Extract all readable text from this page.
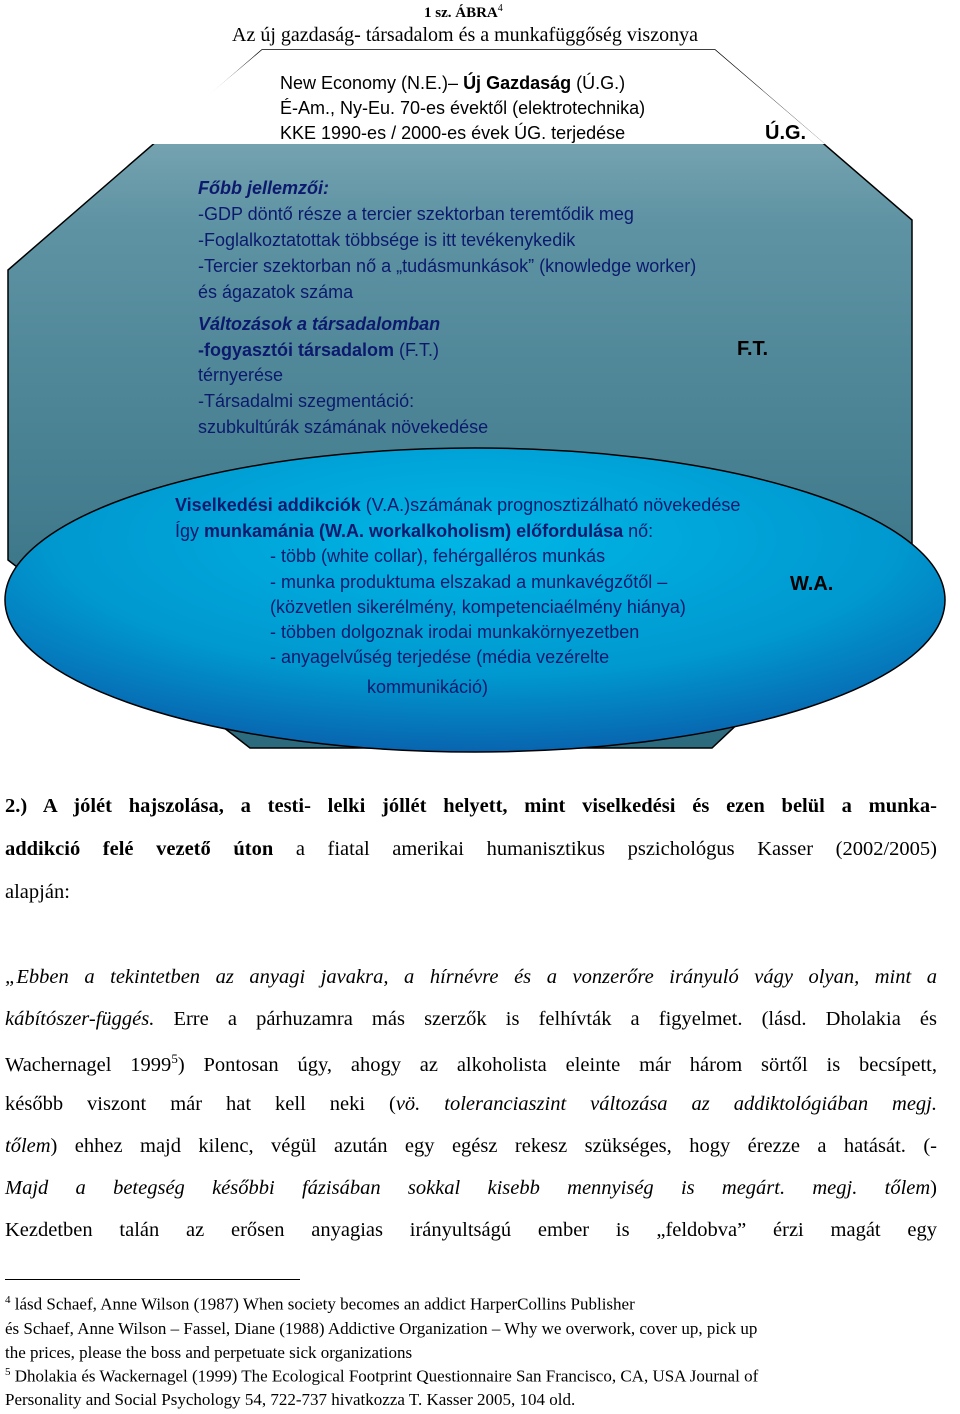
1 sz. ÁBRA$^4$
Az új gazdaság- társadalom és a munkafüggőség viszonya
New Economy (N.E.)– Új Gazdaság (Ú.G.)
É-Am., Ny-Eu. 70-es évektől (elektrotechnika)
KKE 1990-es / 2000-es évek ÚG. terjedése	Ú.G.
Főbb jellemzői:
-GDP döntő része a tercier szektorban teremtődik meg
-Foglalkoztatottak többsége is itt tevékenykedik
-Tercier szektorban nő a „tudásmunkások” (knowledge worker)
és ágazatok száma
Változások a társadalomban
-fogyasztói társadalom (F.T.)
térnyerése
-Társadalmi szegmentáció:
szubkultúrák számának növekedése
F.T.
Viselkedési addikciók (V.A.)számának prognosztizálható növekedése
Így munkamánia (W.A. workalkoholism) előfordulása nő:
- több (white collar), fehérgalléros munkás
- munka produktuma elszakad a munkavégzőtől –
(közvetlen sikerélmény, kompetenciaélmény hiánya)
- többen dolgoznak irodai munkakörnyezetben
- anyagelvűség terjedése (média vezérelte
kommunikáció)
W.A.
2.) A jólét hajszolása, a testi- lelki jóllét helyett, mint viselkedési és ezen belül a munka-
addikció felé vezető úton a fiatal amerikai humanisztikus pszichológus Kasser (2002/2005)
alapján:
„Ebben a tekintetben az anyagi javakra, a hírnévre és a vonzerőre irányuló vágy olyan, mint a
kábítószer-függés. Erre a párhuzamra más szerzők is felhívták a figyelmet. (lásd. Dholakia és
Wachernagel 1999$^5$) Pontosan úgy, ahogy az alkoholista eleinte már három sörtől is becsípett,
később viszont már hat kell neki (vö. toleranciaszint változása az addiktológiában megj.
tőlem) ehhez majd kilenc, végül azután egy egész rekesz szükséges, hogy érezze a hatását. (-
Majd a betegség későbbi fázisában sokkal kisebb mennyiség is megárt. megj. tőlem)
Kezdetben talán az erősen anyagias irányultságú ember is „feldobva” érzi magát egy
$^4$ lásd Schaef, Anne Wilson (1987) When society becomes an addict HarperCollins Publisher
és Schaef, Anne Wilson – Fassel, Diane (1988) Addictive Organization – Why we overwork, cover up, pick up
the prices, please the boss and perpetuate sick organizations
$^5$ Dholakia és Wackernagel (1999) The Ecological Footprint Questionnaire San Francisco, CA, USA Journal of
Personality and Social Psychology 54, 722-737 hivatkozza T. Kasser 2005, 104 old.
